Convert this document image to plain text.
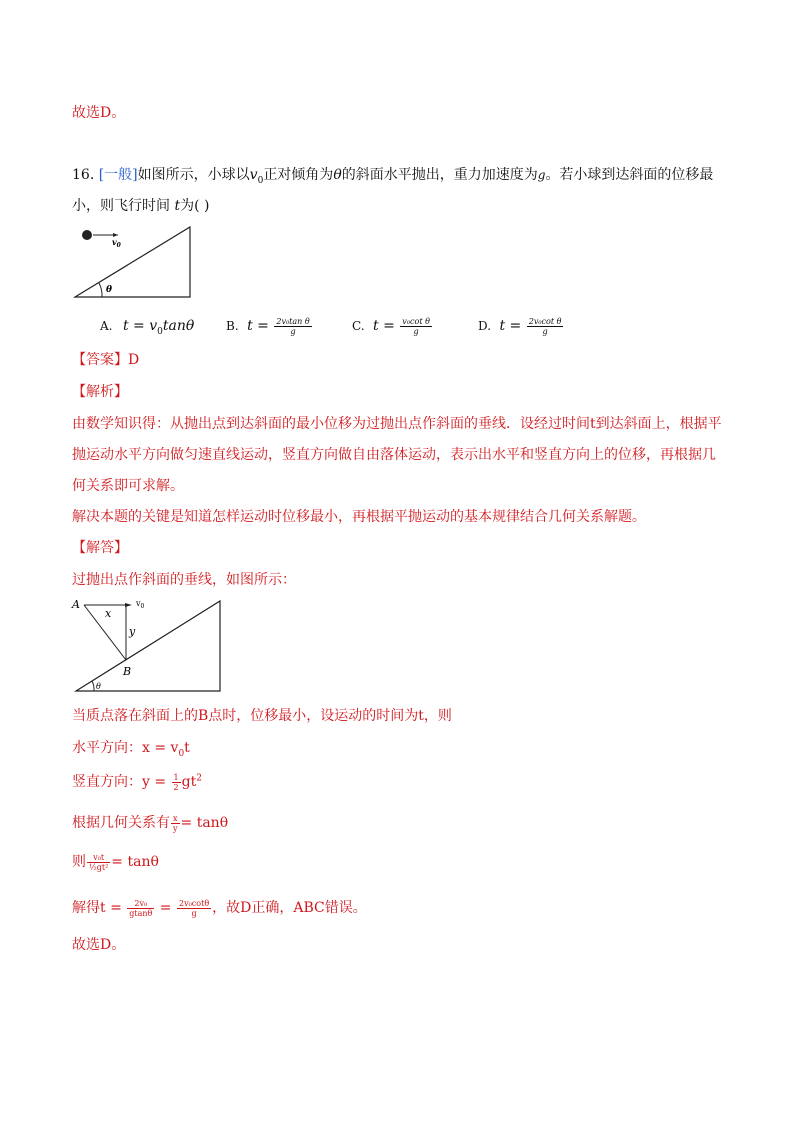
故选D。
16. [一般]如图所示，小球以$v_0$正对倾角为θ的斜面水平抛出，重力加速度为g。若小球到达斜面的位移最
小，则飞行时间 t为( )
$v_0$
θ
A. $t = v_0\tan\theta$	B. $t = \frac{\text{2v₀tan θ}}{g}$	C. $t = \frac{\text{v₀cot θ}}{g}$	D. $t = \frac{\text{2v₀cot θ}}{g}$
【答案】D
【解析】
由数学知识得：从抛出点到达斜面的最小位移为过抛出点作斜面的垂线．设经过时间t到达斜面上，根据平
抛运动水平方向做匀速直线运动，竖直方向做自由落体运动，表示出水平和竖直方向上的位移，再根据几
何关系即可求解。
解决本题的关键是知道怎样运动时位移最小，再根据平抛运动的基本规律结合几何关系解题。
【解答】
过抛出点作斜面的垂线，如图所示：
A
x
$v_0$
y
B
θ
当质点落在斜面上的B点时，位移最小，设运动的时间为t，则
水平方向：$x = v_0t$
竖直方向：$y = \frac{1}{2} gt^2$
根据几何关系有 $\frac{x}{y} = \tan\theta$
则 $\frac{\text{v₀t}}{\text{½gt²}} = \tan\theta$
解得$t = \frac{\text{2v₀}}{gtan\theta} = \frac{\text{2v₀cotθ}}{g}$ ，故D正确，ABC错误。
故选D。
